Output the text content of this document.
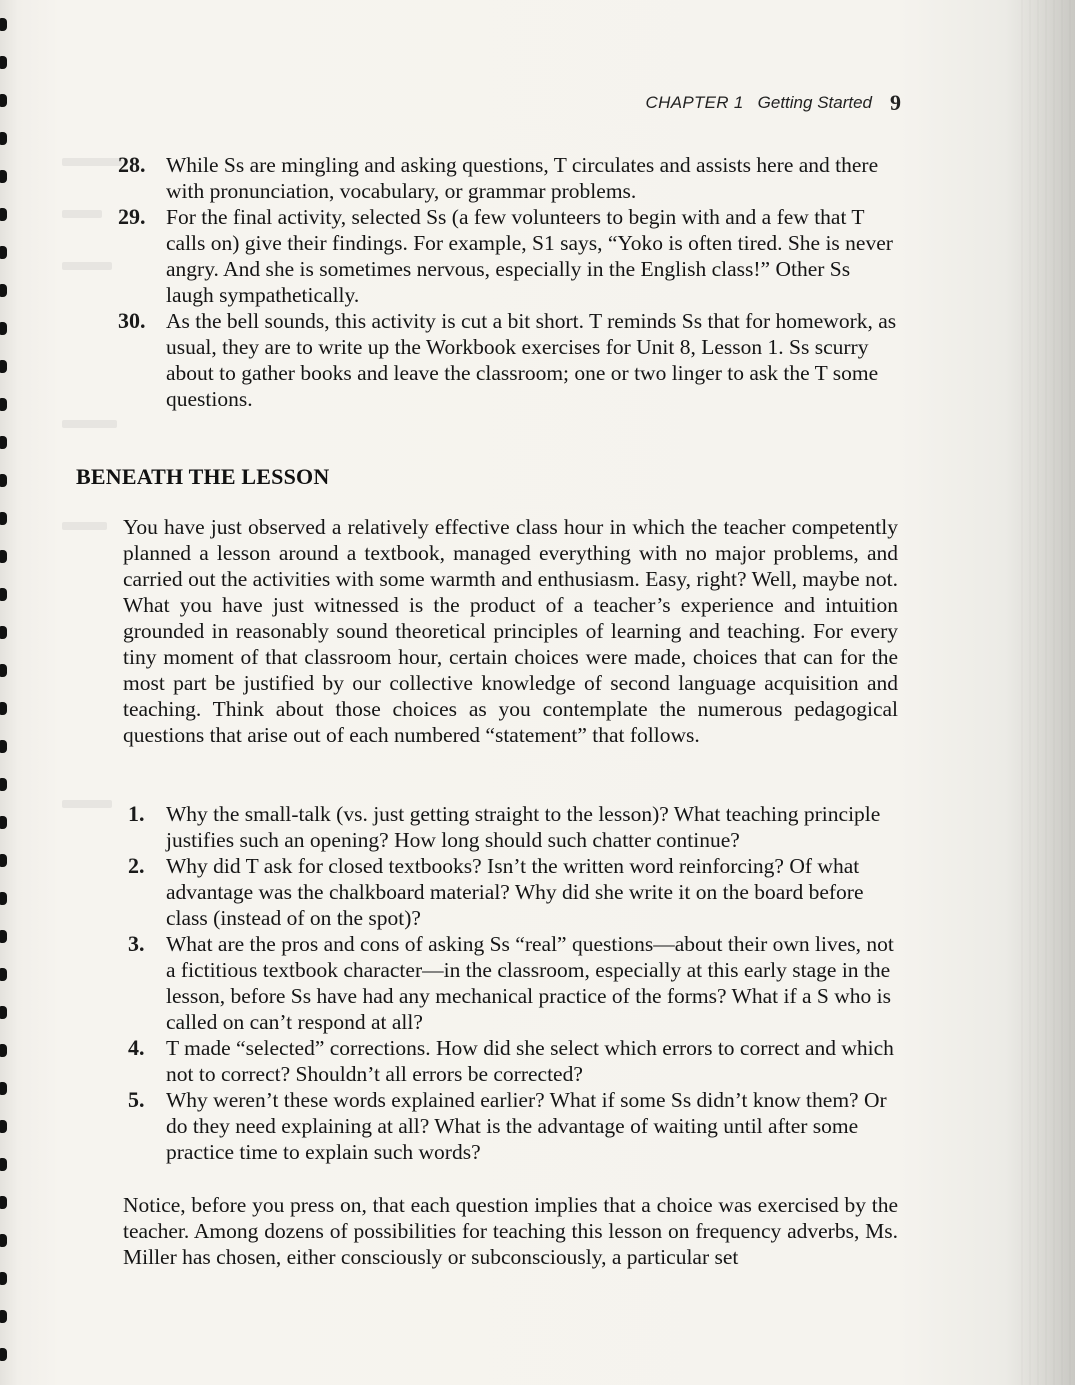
CHAPTER 1 Getting Started 9
28. While Ss are mingling and asking questions, T circulates and assists here and there with pronunciation, vocabulary, or grammar problems.
29. For the final activity, selected Ss (a few volunteers to begin with and a few that T calls on) give their findings. For example, S1 says, “Yoko is often tired. She is never angry. And she is sometimes nervous, especially in the English class!” Other Ss laugh sympathetically.
30. As the bell sounds, this activity is cut a bit short. T reminds Ss that for homework, as usual, they are to write up the Workbook exercises for Unit 8, Lesson 1. Ss scurry about to gather books and leave the classroom; one or two linger to ask the T some questions.
BENEATH THE LESSON

You have just observed a relatively effective class hour in which the teacher competently planned a lesson around a textbook, managed everything with no major problems, and carried out the activities with some warmth and enthusiasm. Easy, right? Well, maybe not. What you have just witnessed is the product of a teacher’s experience and intuition grounded in reasonably sound theoretical principles of learning and teaching. For every tiny moment of that classroom hour, certain choices were made, choices that can for the most part be justified by our collective knowledge of second language acquisition and teaching. Think about those choices as you contemplate the numerous pedagogical questions that arise out of each numbered “statement” that follows.

1.	Why the small-talk (vs. just getting straight to the lesson)? What teaching principle justifies such an opening? How long should such chatter continue?
2.	Why did T ask for closed textbooks? Isn’t the written word reinforcing? Of what advantage was the chalkboard material? Why did she write it on the board before class (instead of on the spot)?
3.	What are the pros and cons of asking Ss “real” questions—about their own lives, not a fictitious textbook character—in the classroom, especially at this early stage in the lesson, before Ss have had any mechanical practice of the forms? What if a S who is called on can’t respond at all?
4.	T made “selected” corrections. How did she select which errors to correct and which not to correct? Shouldn’t all errors be corrected?
5.	Why weren’t these words explained earlier? What if some Ss didn’t know them? Or do they need explaining at all? What is the advantage of waiting until after some practice time to explain such words?

Notice, before you press on, that each question implies that a choice was exercised by the teacher. Among dozens of possibilities for teaching this lesson on frequency adverbs, Ms. Miller has chosen, either consciously or subconsciously, a particular set
